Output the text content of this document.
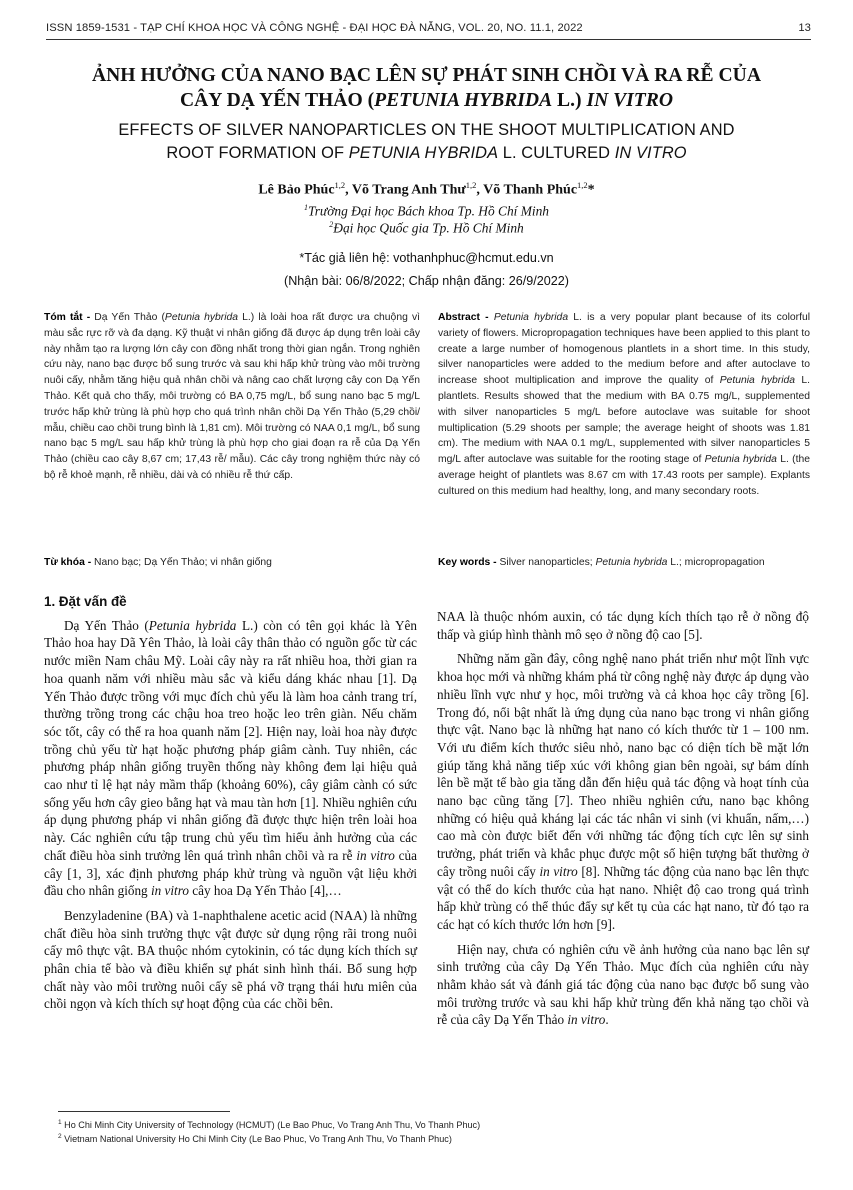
ISSN 1859-1531 - TẠP CHÍ KHOA HỌC VÀ CÔNG NGHỆ - ĐẠI HỌC ĐÀ NẴNG, VOL. 20, NO. 11.1, 2022	13
ẢNH HƯỞNG CỦA NANO BẠC LÊN SỰ PHÁT SINH CHỒI VÀ RA RỄ CỦA
CÂY DẠ YẾN THẢO (PETUNIA HYBRIDA L.) IN VITRO
EFFECTS OF SILVER NANOPARTICLES ON THE SHOOT MULTIPLICATION AND
ROOT FORMATION OF PETUNIA HYBRIDA L. CULTURED IN VITRO
Lê Bảo Phúc$^{1,2}$, Võ Trang Anh Thư$^{1,2}$, Võ Thanh Phúc$^{1,2}$*
$^1$Trường Đại học Bách khoa Tp. Hồ Chí Minh
$^2$Đại học Quốc gia Tp. Hồ Chí Minh
*Tác giả liên hệ: vothanhphuc@hcmut.edu.vn
(Nhận bài: 06/8/2022; Chấp nhận đăng: 26/9/2022)
Tóm tắt - Dạ Yến Thảo (Petunia hybrida L.) là loài hoa rất được ưa chuộng vì màu sắc rực rỡ và đa dạng. Kỹ thuật vi nhân giống đã được áp dụng trên loài cây này nhằm tạo ra lượng lớn cây con đồng nhất trong thời gian ngắn. Trong nghiên cứu này, nano bạc được bổ sung trước và sau khi hấp khử trùng vào môi trường nuôi cấy, nhằm tăng hiệu quả nhân chồi và nâng cao chất lượng cây con Dạ Yến Thảo. Kết quả cho thấy, môi trường có BA 0,75 mg/L, bổ sung nano bạc 5 mg/L trước hấp khử trùng là phù hợp cho quá trình nhân chồi Dạ Yến Thảo (5,29 chồi/ mẫu, chiều cao chồi trung bình là 1,81 cm). Môi trường có NAA 0,1 mg/L, bổ sung nano bạc 5 mg/L sau hấp khử trùng là phù hợp cho giai đoạn ra rễ của Dạ Yến Thảo (chiều cao cây 8,67 cm; 17,43 rễ/ mẫu). Các cây trong nghiệm thức này có bộ rễ khoẻ mạnh, rễ nhiều, dài và có nhiều rễ thứ cấp.
Abstract - Petunia hybrida L. is a very popular plant because of its colorful variety of flowers. Micropropagation techniques have been applied to this plant to create a large number of homogenous plantlets in a short time. In this study, silver nanoparticles were added to the medium before and after autoclave to increase shoot multiplication and improve the quality of Petunia hybrida L. plantlets. Results showed that the medium with BA 0.75 mg/L, supplemented with silver nanoparticles 5 mg/L before autoclave was suitable for shoot multiplication (5.29 shoots per sample; the average height of shoots was 1.81 cm). The medium with NAA 0.1 mg/L, supplemented with silver nanoparticles 5 mg/L after autoclave was suitable for the rooting stage of Petunia hybrida L. (the average height of plantlets was 8.67 cm with 17.43 roots per sample). Explants cultured on this medium had healthy, long, and many secondary roots.
Từ khóa - Nano bạc; Dạ Yến Thảo; vi nhân giống	Key words - Silver nanoparticles; Petunia hybrida L.; micropropagation
1. Đặt vấn đề

Dạ Yến Thảo (Petunia hybrida L.) còn có tên gọi khác là Yên Thảo hoa hay Dã Yên Thảo, là loài cây thân thảo có nguồn gốc từ các nước miền Nam châu Mỹ. Loài cây này ra rất nhiều hoa, thời gian ra hoa quanh năm với nhiều màu sắc và kiểu dáng khác nhau [1]. Dạ Yến Thảo được trồng với mục đích chủ yếu là làm hoa cảnh trang trí, thường trồng trong các chậu hoa treo hoặc leo trên giàn. Nếu chăm sóc tốt, cây có thể ra hoa quanh năm [2]. Hiện nay, loài hoa này được trồng chủ yếu từ hạt hoặc phương pháp giâm cành. Tuy nhiên, các phương pháp nhân giống truyền thống này không đem lại hiệu quả cao như tỉ lệ hạt nảy mầm thấp (khoảng 60%), cây giâm cành có sức sống yếu hơn cây gieo bằng hạt và mau tàn hơn [1]. Nhiều nghiên cứu áp dụng phương pháp vi nhân giống đã được thực hiện trên loài hoa này. Các nghiên cứu tập trung chủ yếu tìm hiểu ảnh hưởng của các chất điều hòa sinh trưởng lên quá trình nhân chồi và ra rễ in vitro của cây [1, 3], xác định phương pháp khử trùng và nguồn vật liệu khởi đầu cho nhân giống in vitro cây hoa Dạ Yến Thảo [4],…

Benzyladenine (BA) và 1-naphthalene acetic acid (NAA) là những chất điều hòa sinh trưởng thực vật được sử dụng rộng rãi trong nuôi cấy mô thực vật. BA thuộc nhóm cytokinin, có tác dụng kích thích sự phân chia tế bào và điều khiển sự phát sinh hình thái. Bổ sung hợp chất này vào môi trường nuôi cấy sẽ phá vỡ trạng thái hưu miên của chồi ngọn và kích thích sự hoạt động của các chồi bên.

NAA là thuộc nhóm auxin, có tác dụng kích thích tạo rễ ở nồng độ thấp và giúp hình thành mô sẹo ở nồng độ cao [5].

Những năm gần đây, công nghệ nano phát triển như một lĩnh vực khoa học mới và những khám phá từ công nghệ này được áp dụng vào nhiều lĩnh vực như y học, môi trường và cả khoa học cây trồng [6]. Trong đó, nổi bật nhất là ứng dụng của nano bạc trong vi nhân giống thực vật. Nano bạc là những hạt nano có kích thước từ 1 – 100 nm. Với ưu điểm kích thước siêu nhỏ, nano bạc có diện tích bề mặt lớn giúp tăng khả năng tiếp xúc với không gian bên ngoài, sự bám dính lên bề mặt tế bào gia tăng dẫn đến hiệu quả tác động và hoạt tính của nano bạc cũng tăng [7]. Theo nhiều nghiên cứu, nano bạc không những có hiệu quả kháng lại các tác nhân vi sinh (vi khuẩn, nấm,…) cao mà còn được biết đến với những tác động tích cực lên sự sinh trưởng, phát triển và khắc phục được một số hiện tượng bất thường ở cây trồng nuôi cấy in vitro [8]. Những tác động của nano bạc lên thực vật có thể do kích thước của hạt nano. Nhiệt độ cao trong quá trình hấp khử trùng có thể thúc đẩy sự kết tụ của các hạt nano, từ đó tạo ra các hạt có kích thước lớn hơn [9].

Hiện nay, chưa có nghiên cứu về ảnh hưởng của nano bạc lên sự sinh trưởng của cây Dạ Yến Thảo. Mục đích của nghiên cứu này nhằm khảo sát và đánh giá tác động của nano bạc được bổ sung vào môi trường trước và sau khi hấp khử trùng đến khả năng tạo chồi và rễ của cây Dạ Yến Thảo in vitro.

$^1$ Ho Chi Minh City University of Technology (HCMUT) (Le Bao Phuc, Vo Trang Anh Thu, Vo Thanh Phuc)
$^2$ Vietnam National University Ho Chi Minh City (Le Bao Phuc, Vo Trang Anh Thu, Vo Thanh Phuc)
